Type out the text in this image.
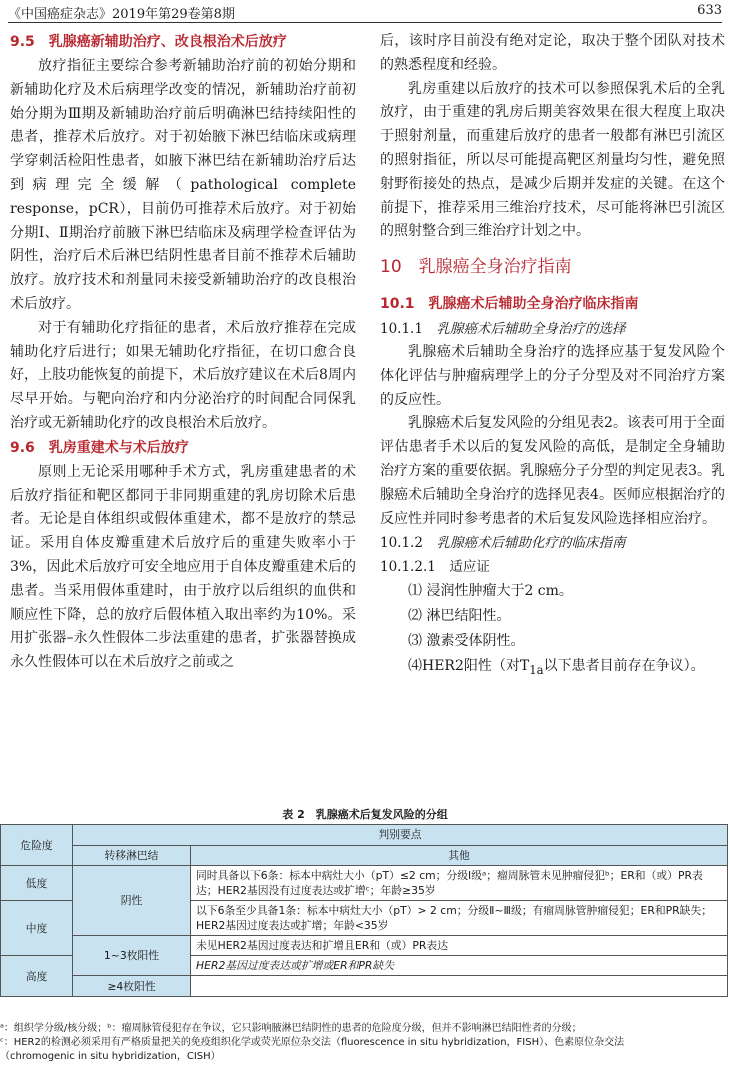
《中国癌症杂志》2019年第29卷第8期	633
9.5　乳腺癌新辅助治疗、改良根治术后放疗

放疗指征主要综合参考新辅助治疗前的初始分期和新辅助化疗及术后病理学改变的情况，新辅助治疗前初始分期为Ⅲ期及新辅助治疗前后明确淋巴结持续阳性的患者，推荐术后放疗。对于初始腋下淋巴结临床或病理学穿刺活检阳性患者，如腋下淋巴结在新辅助治疗后达到病理完全缓解（pathological complete response，pCR），目前仍可推荐术后放疗。对于初始分期Ⅰ、Ⅱ期治疗前腋下淋巴结临床及病理学检查评估为阴性，治疗后术后淋巴结阴性患者目前不推荐术后辅助放疗。放疗技术和剂量同未接受新辅助治疗的改良根治术后放疗。

对于有辅助化疗指征的患者，术后放疗推荐在完成辅助化疗后进行；如果无辅助化疗指征，在切口愈合良好，上肢功能恢复的前提下，术后放疗建议在术后8周内尽早开始。与靶向治疗和内分泌治疗的时间配合同保乳治疗或无新辅助化疗的改良根治术后放疗。

9.6　乳房重建术与术后放疗

原则上无论采用哪种手术方式，乳房重建患者的术后放疗指征和靶区都同于非同期重建的乳房切除术后患者。无论是自体组织或假体重建术，都不是放疗的禁忌证。采用自体皮瓣重建术后放疗后的重建失败率小于3%，因此术后放疗可安全地应用于自体皮瓣重建术后的患者。当采用假体重建时，由于放疗以后组织的血供和顺应性下降，总的放疗后假体植入取出率约为10%。采用扩张器–永久性假体二步法重建的患者，扩张器替换成永久性假体可以在术后放疗之前或之

后，该时序目前没有绝对定论，取决于整个团队对技术的熟悉程度和经验。

乳房重建以后放疗的技术可以参照保乳术后的全乳放疗，由于重建的乳房后期美容效果在很大程度上取决于照射剂量，而重建后放疗的患者一般都有淋巴引流区的照射指征，所以尽可能提高靶区剂量均匀性，避免照射野衔接处的热点，是减少后期并发症的关键。在这个前提下，推荐采用三维治疗技术，尽可能将淋巴引流区的照射整合到三维治疗计划之中。

10　乳腺癌全身治疗指南
10.1　乳腺癌术后辅助全身治疗临床指南
10.1.1　乳腺癌术后辅助全身治疗的选择

乳腺癌术后辅助全身治疗的选择应基于复发风险个体化评估与肿瘤病理学上的分子分型及对不同治疗方案的反应性。

乳腺癌术后复发风险的分组见表2。该表可用于全面评估患者手术以后的复发风险的高低，是制定全身辅助治疗方案的重要依据。乳腺癌分子分型的判定见表3。乳腺癌术后辅助全身治疗的选择见表4。医师应根据治疗的反应性并同时参考患者的术后复发风险选择相应治疗。

10.1.2　乳腺癌术后辅助化疗的临床指南
10.1.2.1　适应证
⑴ 浸润性肿瘤大于2 cm。
⑵ 淋巴结阳性。
⑶ 激素受体阴性。
⑷HER2阳性（对$T_{1a}$以下患者目前存在争议）。
表 2　乳腺癌术后复发风险的分组
危险度	判别要点	
	转移淋巴结	其他
低度	阴性	同时具备以下6条：标本中病灶大小（pT）≤2 cm；分级Ⅰ级ᵃ；瘤周脉管未见肿瘤侵犯ᵇ；ER和（或）PR表达；HER2基因没有过度表达或扩增ᶜ；年龄≥35岁
中度		以下6条至少具备1条：标本中病灶大小（pT）> 2 cm；分级Ⅱ~Ⅲ级；有瘤周脉管肿瘤侵犯；ER和PR缺失；HER2基因过度表达或扩增；年龄<35岁
	1~3枚阳性	未见HER2基因过度表达和扩增且ER和（或）PR表达
高度		HER2基因过度表达或扩增或ER和PR缺失
	≥4枚阳性	
ᵃ：组织学分级/核分级；ᵇ：瘤周脉管侵犯存在争议，它只影响腋淋巴结阴性的患者的危险度分级，但并不影响淋巴结阳性者的分级；
ᶜ：HER2的检测必须采用有严格质量把关的免疫组织化学或荧光原位杂交法（fluorescence in situ hybridization，FISH）、色素原位杂交法
（chromogenic in situ hybridization，CISH）
